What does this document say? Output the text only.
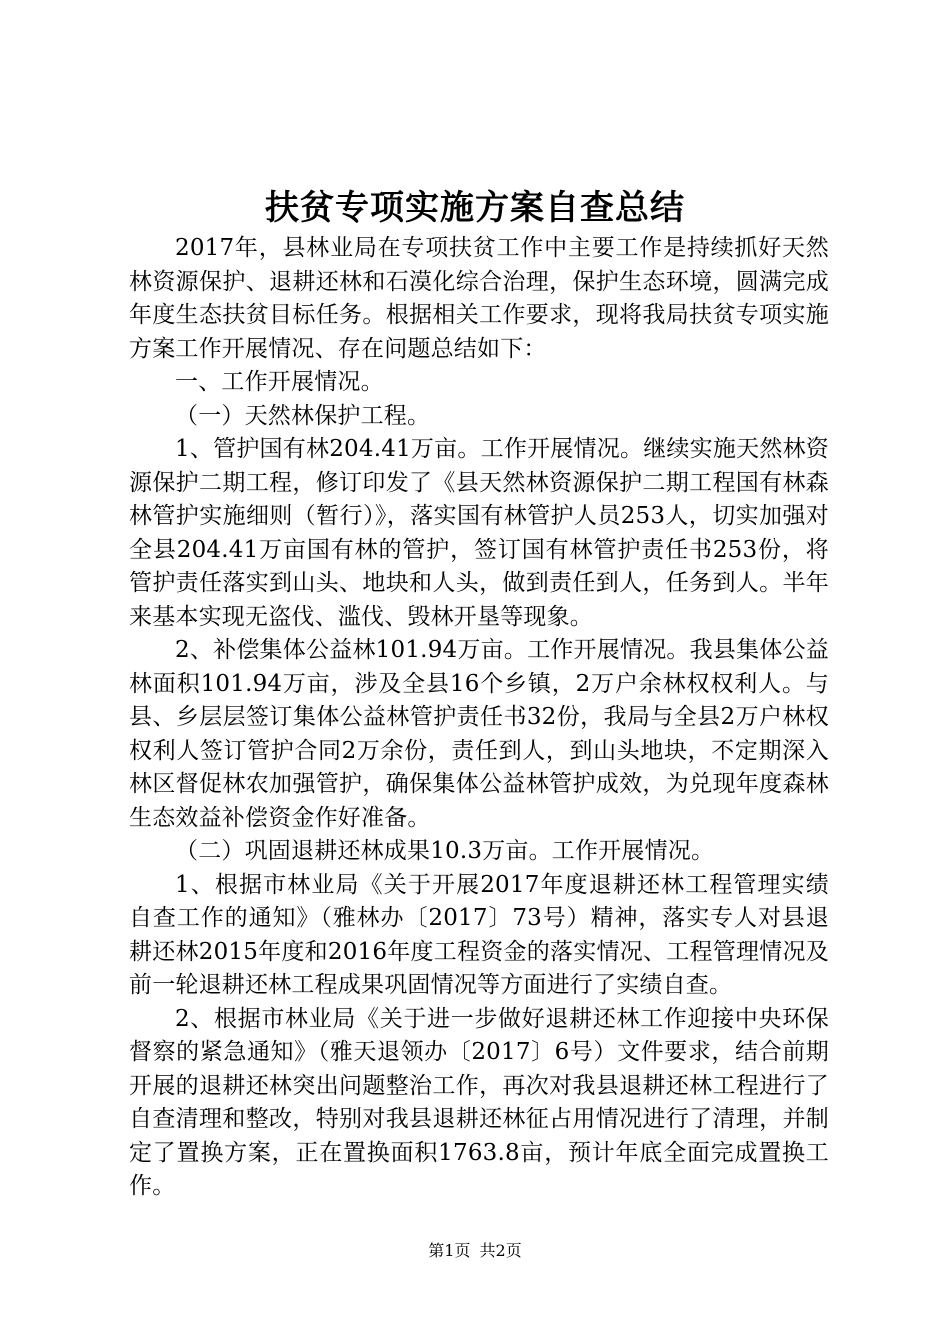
扶贫专项实施方案自查总结

2017年，县林业局在专项扶贫工作中主要工作是持续抓好天然林资源保护、退耕还林和石漠化综合治理，保护生态环境，圆满完成年度生态扶贫目标任务。根据相关工作要求，现将我局扶贫专项实施方案工作开展情况、存在问题总结如下：

一、工作开展情况。

（一）天然林保护工程。

1、管护国有林204.41万亩。工作开展情况。继续实施天然林资源保护二期工程，修订印发了《县天然林资源保护二期工程国有林森林管护实施细则（暂行）》，落实国有林管护人员253人，切实加强对全县204.41万亩国有林的管护，签订国有林管护责任书253份，将管护责任落实到山头、地块和人头，做到责任到人，任务到人。半年来基本实现无盗伐、滥伐、毁林开垦等现象。

2、补偿集体公益林101.94万亩。工作开展情况。我县集体公益林面积101.94万亩，涉及全县16个乡镇，2万户余林权权利人。与县、乡层层签订集体公益林管护责任书32份，我局与全县2万户林权权利人签订管护合同2万余份，责任到人，到山头地块，不定期深入林区督促林农加强管护，确保集体公益林管护成效，为兑现年度森林生态效益补偿资金作好准备。

（二）巩固退耕还林成果10.3万亩。工作开展情况。

1、根据市林业局《关于开展2017年度退耕还林工程管理实绩自查工作的通知》（雅林办〔2017〕73号）精神，落实专人对县退耕还林2015年度和2016年度工程资金的落实情况、工程管理情况及前一轮退耕还林工程成果巩固情况等方面进行了实绩自查。

2、根据市林业局《关于进一步做好退耕还林工作迎接中央环保督察的紧急通知》（雅天退领办〔2017〕6号）文件要求，结合前期开展的退耕还林突出问题整治工作，再次对我县退耕还林工程进行了自查清理和整改，特别对我县退耕还林征占用情况进行了清理，并制定了置换方案，正在置换面积1763.8亩，预计年底全面完成置换工作。

第1页 共2页
